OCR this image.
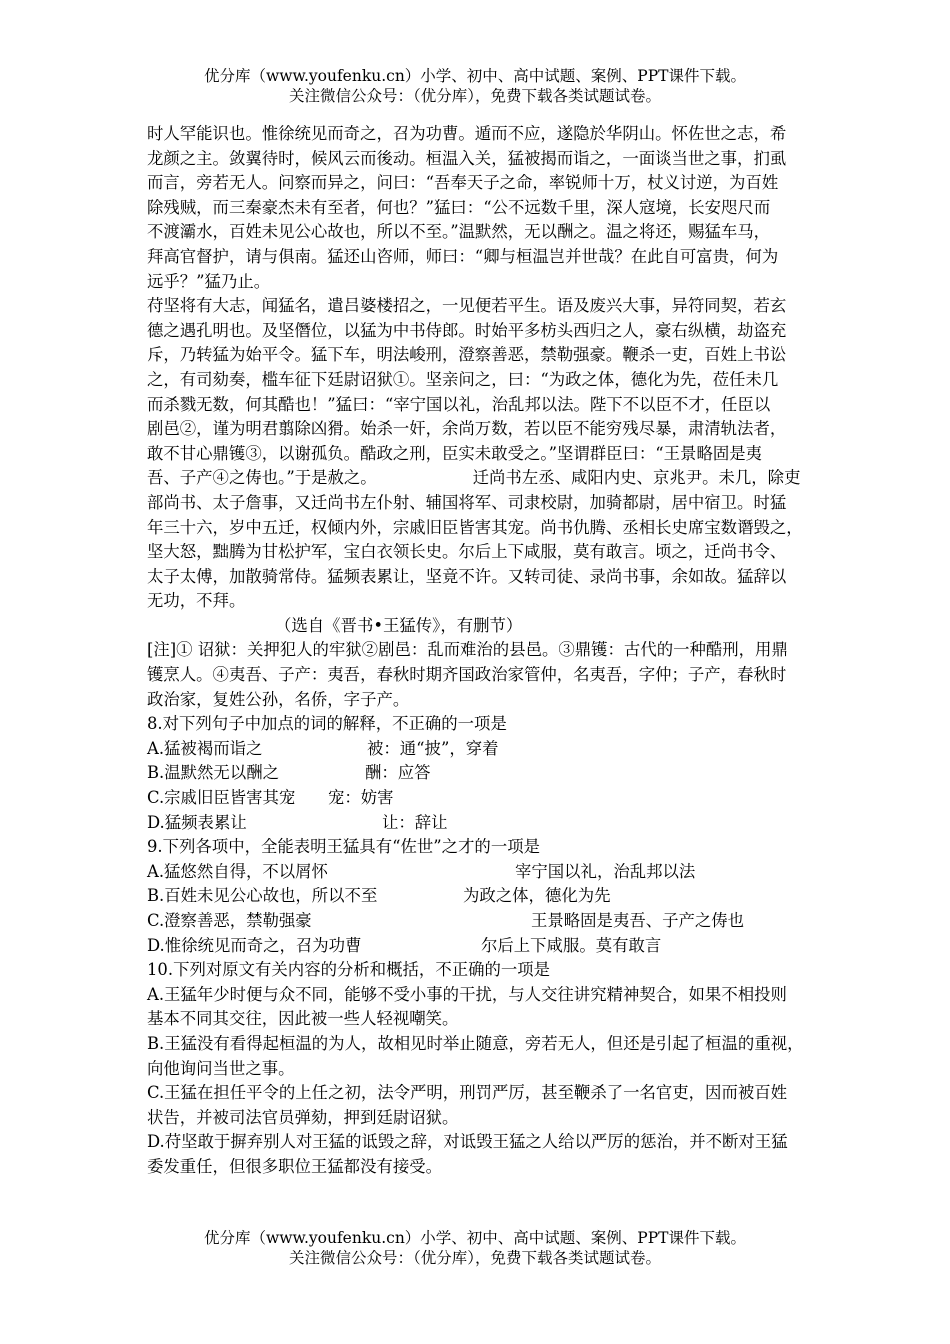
优分库（www.youfenku.cn）小学、初中、高中试题、案例、PPT课件下载。
关注微信公众号：（优分库），免费下载各类试题试卷。
时人罕能识也。惟徐统见而奇之，召为功曹。遁而不应，遂隐於华阴山。怀佐世之志，希
龙颜之主。敛翼待时，候风云而後动。桓温入关，猛被揭而诣之，一面谈当世之事，扪虱
而言，旁若无人。问察而异之，问曰：“吾奉天子之命，率锐师十万，杖义讨逆，为百姓
除残贼，而三秦豪杰未有至者，何也？”猛曰：“公不远数千里，深人寇境，长安咫尺而
不渡灞水，百姓未见公心故也，所以不至。”温默然，无以酬之。温之将还，赐猛车马，
拜高官督护，请与俱南。猛还山咨师，师曰：“卿与桓温岂并世哉？在此自可富贵，何为
远乎？”猛乃止。
苻坚将有大志，闻猛名，遣吕婆楼招之，一见便若平生。语及废兴大事，异符同契，若玄
德之遇孔明也。及坚僭位，以猛为中书侍郎。时始平多枋头西归之人，豪右纵横，劫盗充
斥，乃转猛为始平令。猛下车，明法峻刑，澄察善恶，禁勒强豪。鞭杀一吏，百姓上书讼
之，有司劾奏，槛车征下廷尉诏狱①。坚亲问之，曰：“为政之体，德化为先，莅任未几
而杀戮无数，何其酷也！”猛曰：“宰宁国以礼，治乱邦以法。陛下不以臣不才，任臣以
剧邑②，谨为明君翦除凶猾。始杀一奸，余尚万数，若以臣不能穷残尽暴，肃清轨法者，
敢不甘心鼎镬③，以谢孤负。酷政之刑，臣实未敢受之。”坚谓群臣曰：“王景略固是夷
吾、子产④之俦也。”于是赦之。	迁尚书左丞、咸阳内史、京兆尹。未几，除吏
部尚书、太子詹事，又迁尚书左仆射、辅国将军、司隶校尉，加骑都尉，居中宿卫。时猛
年三十六，岁中五迁，权倾内外，宗戚旧臣皆害其宠。尚书仇腾、丞相长史席宝数谮毁之，
坚大怒，黜腾为甘松护军，宝白衣领长史。尔后上下咸服，莫有敢言。顷之，迁尚书令、
太子太傅，加散骑常侍。猛频表累让，坚竟不许。又转司徒、录尚书事，余如故。猛辞以
无功，不拜。
（选自《晋书•王猛传》，有删节）
[注]① 诏狱：关押犯人的牢狱②剧邑：乱而难治的县邑。③鼎镬：古代的一种酷刑，用鼎
镬烹人。④夷吾、子产：夷吾，春秋时期齐国政治家管仲，名夷吾，字仲；子产，春秋时
政治家，复姓公孙，名侨，字子产。
8.对下列句子中加点的词的解释，不正确的一项是
A.猛被褐而诣之	被：通“披”，穿着
B.温默然无以酬之	酬：应答
C.宗戚旧臣皆害其宠 宠：妨害
D.猛频表累让	让：辞让
9.下列各项中，全能表明王猛具有“佐世”之才的一项是
A.猛悠然自得，不以屑怀	宰宁国以礼，治乱邦以法
B.百姓未见公心故也，所以不至	为政之体，德化为先
C.澄察善恶，禁勒强豪	王景略固是夷吾、子产之俦也
D.惟徐统见而奇之，召为功曹	尔后上下咸服。莫有敢言
10.下列对原文有关内容的分析和概括，不正确的一项是
A.王猛年少时便与众不同，能够不受小事的干扰，与人交往讲究精神契合，如果不相投则
基本不同其交往，因此被一些人轻视嘲笑。
B.王猛没有看得起桓温的为人，故相见时举止随意，旁若无人，但还是引起了桓温的重视，
向他询问当世之事。
C.王猛在担任平令的上任之初，法令严明，刑罚严厉，甚至鞭杀了一名官吏，因而被百姓
状告，并被司法官员弹劾，押到廷尉诏狱。
D.苻坚敢于摒弃别人对王猛的诋毁之辞，对诋毁王猛之人给以严厉的惩治，并不断对王猛
委发重任，但很多职位王猛都没有接受。
优分库（www.youfenku.cn）小学、初中、高中试题、案例、PPT课件下载。
关注微信公众号：（优分库），免费下载各类试题试卷。
